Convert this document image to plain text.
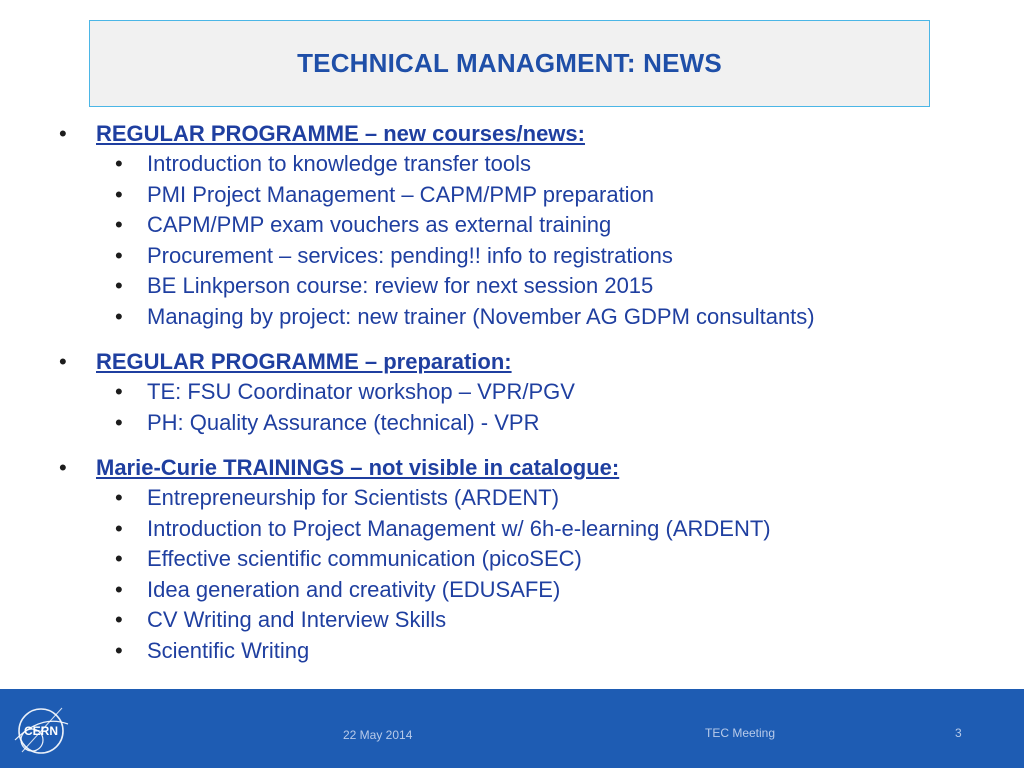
TECHNICAL MANAGMENT: NEWS
• REGULAR PROGRAMME – new courses/news:
• Introduction to knowledge transfer tools
• PMI Project Management – CAPM/PMP preparation
• CAPM/PMP exam vouchers as external training
• Procurement – services: pending!! info to registrations
• BE Linkperson course: review for next session 2015
• Managing by project: new trainer (November AG GDPM consultants)
• REGULAR PROGRAMME – preparation:
• TE: FSU Coordinator workshop – VPR/PGV
• PH: Quality Assurance (technical) - VPR
• Marie-Curie TRAININGS – not visible in catalogue:
• Entrepreneurship for Scientists (ARDENT)
• Introduction to Project Management w/ 6h-e-learning (ARDENT)
• Effective scientific communication (picoSEC)
• Idea generation and creativity (EDUSAFE)
• CV Writing and Interview Skills
• Scientific Writing
CERN	22 May 2014	TEC Meeting	3
